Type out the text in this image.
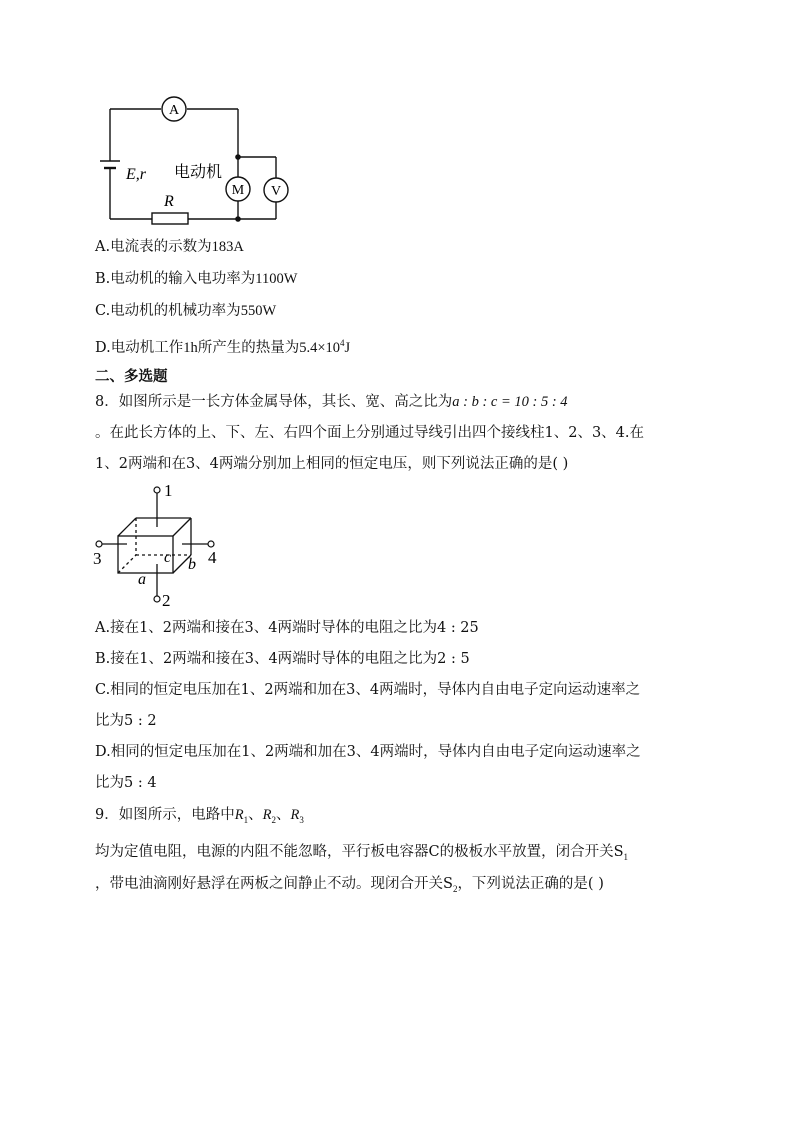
A
M V
E,r 电动机
R
A.电流表的示数为183A
B.电动机的输入电功率为1100W
C.电动机的机械功率为550W
D.电动机工作1h所产生的热量为$5.4\times 10^4J$
二、多选题
8．如图所示是一长方体金属导体，其长、宽、高之比为a : b : c = 10 : 5 : 4
。在此长方体的上、下、左、右四个面上分别通过导线引出四个接线柱1、2、3、4.在
1、2两端和在3、4两端分别加上相同的恒定电压，则下列说法正确的是( )
1
2
3	4
a
b
c
A.接在1、2两端和接在3、4两端时导体的电阻之比为4 : 25
B.接在1、2两端和接在3、4两端时导体的电阻之比为2 : 5
C.相同的恒定电压加在1、2两端和加在3、4两端时，导体内自由电子定向运动速率之
比为5 : 2
D.相同的恒定电压加在1、2两端和加在3、4两端时，导体内自由电子定向运动速率之
比为5 : 4
9．如图所示，电路中$R_1$、$R_2$、$R_3$
均为定值电阻，电源的内阻不能忽略，平行板电容器C的极板水平放置，闭合开关$S_1$
，带电油滴刚好悬浮在两板之间静止不动。现闭合开关$S_2$，下列说法正确的是( )
